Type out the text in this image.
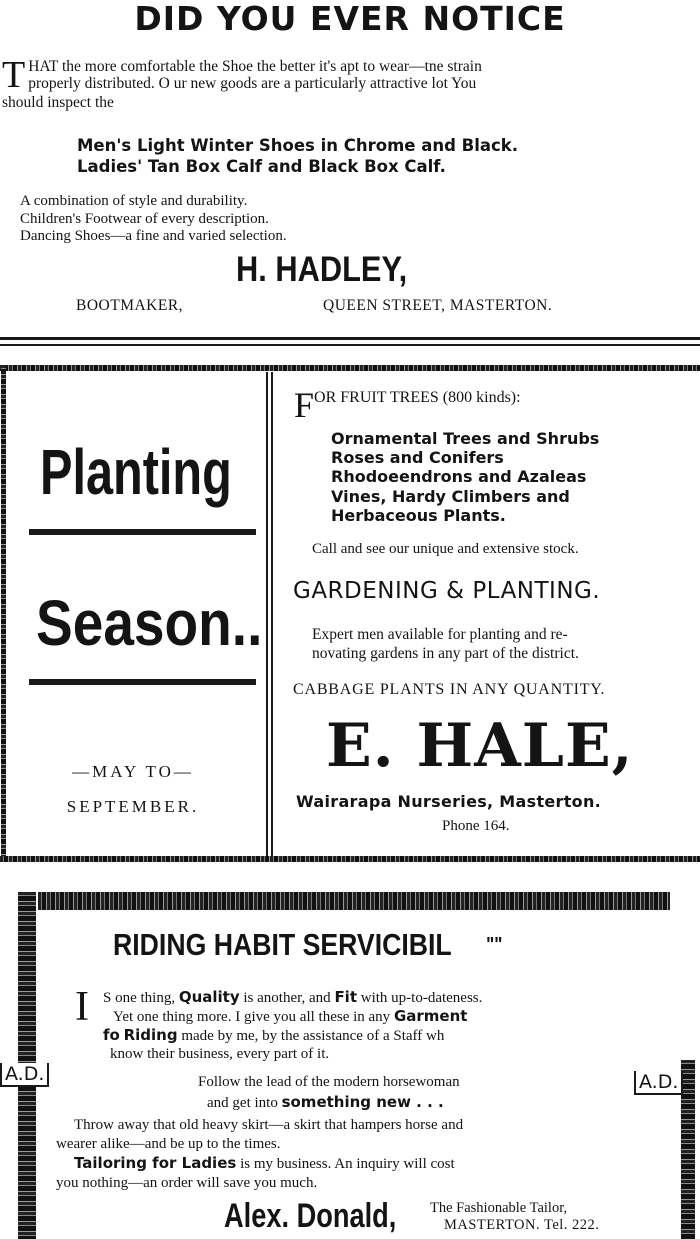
DID YOU EVER NOTICE
T HAT the more comfortable the Shoe the better it's apt to wear—tne strain
properly distributed. O ur new goods are a particularly attractive lot You
should inspect the
Men's Light Winter Shoes in Chrome and Black.
Ladies' Tan Box Calf and Black Box Calf.
A combination of style and durability.
Children's Footwear of every description.
Dancing Shoes—a fine and varied selection.
H. HADLEY,
BOOTMAKER,	QUEEN STREET, MASTERTON.
Planting
Season..
—MAY TO—
SEPTEMBER.
FOR FRUIT TREES (800 kinds):
Ornamental Trees and Shrubs
Roses and Conifers
Rhodoeendrons and Azaleas
Vines, Hardy Climbers and
Herbaceous Plants.
Call and see our unique and extensive stock.
GARDENING & PLANTING.
Expert men available for planting and re-
novating gardens in any part of the district.
CABBAGE PLANTS IN ANY QUANTITY.
E. HALE,
Wairarapa Nurseries, Masterton.
Phone 164.
RIDING HABIT SERVICIBIL ""
A.D.	A.D.
I S one thing, Quality is another, and Fit with up-to-dateness.
Yet one thing more. I give you all these in any Garment
fo Riding made by me, by the assistance of a Staff wh
know their business, every part of it.
Follow the lead of the modern horsewoman
and get into something new . . .
Throw away that old heavy skirt—a skirt that hampers horse and
wearer alike—and be up to the times.
Tailoring for Ladies is my business. An inquiry will cost
you nothing—an order will save you much.
Alex. Donald, The Fashionable Tailor,
MASTERTON. Tel. 222.
